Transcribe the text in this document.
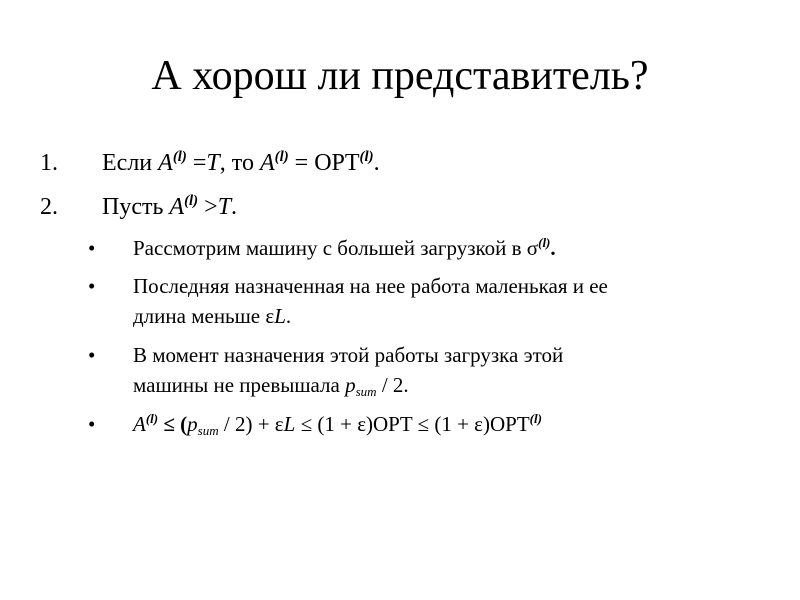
А хорош ли представитель?
1. Если $A^{(l)} =T$, то $A^{(l)} = OPT^{(l)}$.
2. Пусть $A^{(l)} >T$.
• Рассмотрим машину с большей загрузкой в $\sigma^{(l)}$.
• Последняя назначенная на нее работа маленькая и ее
длина меньше εL.
• В момент назначения этой работы загрузка этой
машины не превышала $p_{sum} / 2$.
• $A^{(l)} \le (p_{sum} / 2) + \varepsilon L \le (1 + \varepsilon)OPT \le (1 + \varepsilon)OPT^{(l)}$
